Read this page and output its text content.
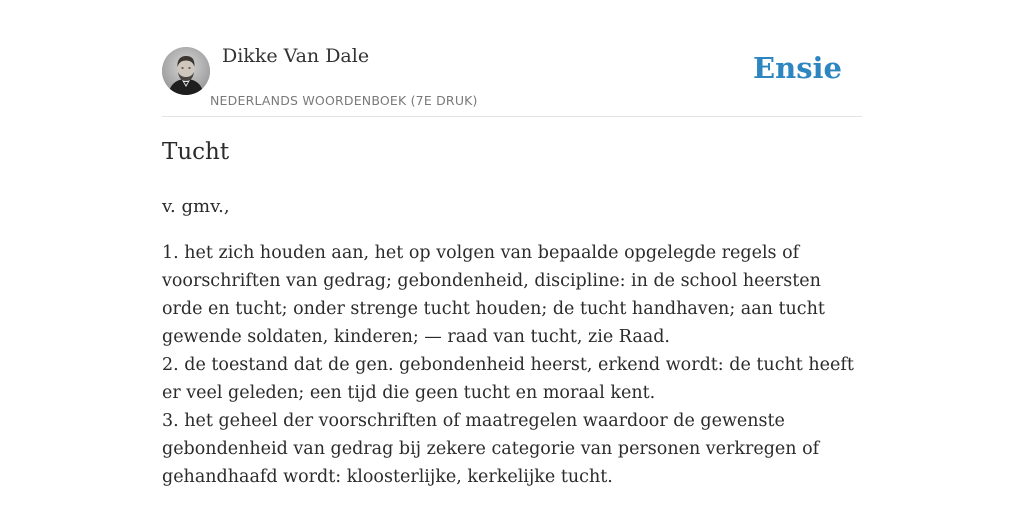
Dikke Van Dale
NEDERLANDS WOORDENBOEK (7E DRUK)
Ensie
Tucht

v. gmv.,

1. het zich houden aan, het op volgen van bepaalde opgelegde regels of voorschriften van gedrag; gebondenheid, discipline: in de school heersten orde en tucht; onder strenge tucht houden; de tucht handhaven; aan tucht gewende soldaten, kinderen; — raad van tucht, zie Raad.

2. de toestand dat de gen. gebondenheid heerst, erkend wordt: de tucht heeft er veel geleden; een tijd die geen tucht en moraal kent.

3. het geheel der voorschriften of maatregelen waardoor de gewenste gebondenheid van gedrag bij zekere categorie van personen verkregen of gehandhaafd wordt: kloosterlijke, kerkelijke tucht.
